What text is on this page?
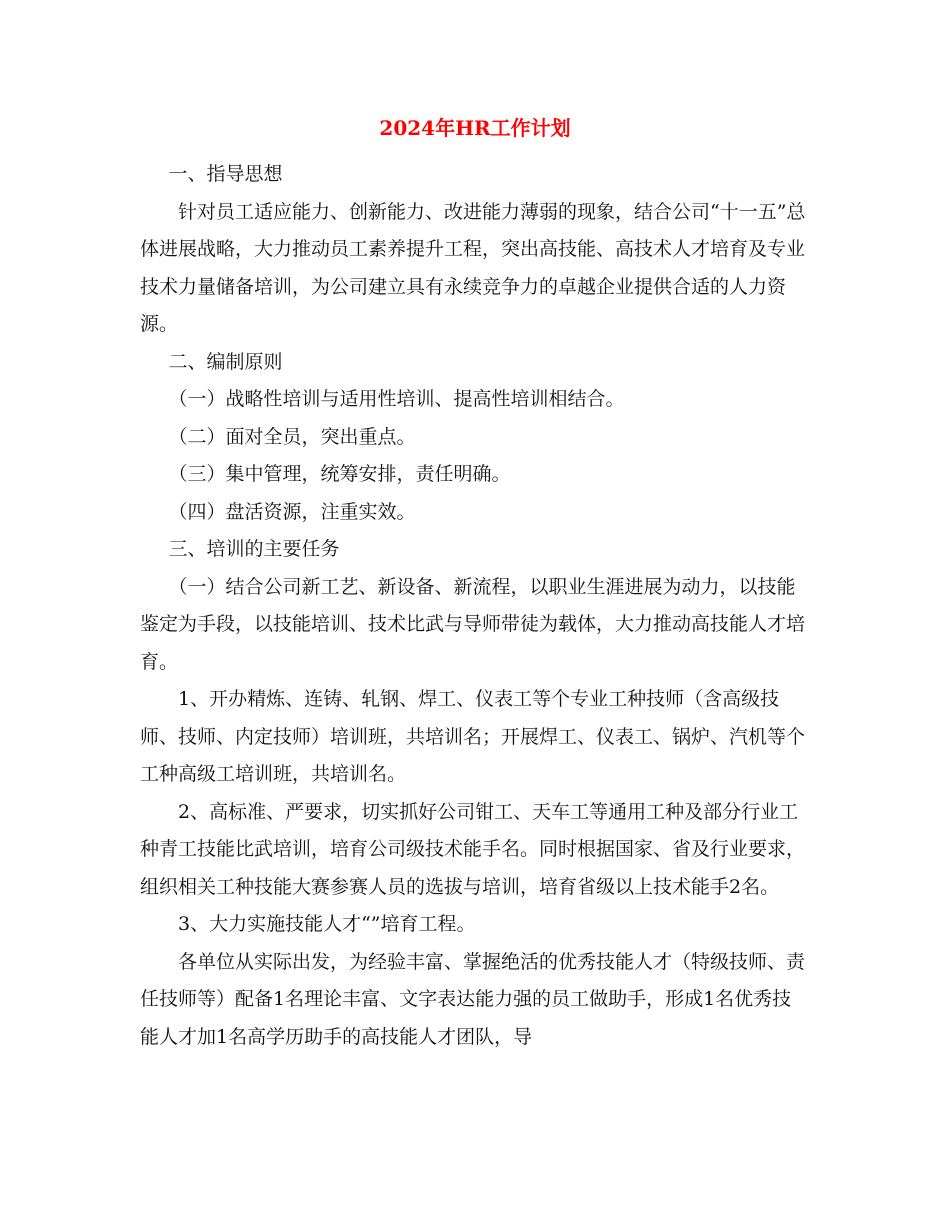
2024年HR工作计划

一、指导思想

针对员工适应能力、创新能力、改进能力薄弱的现象，结合公司“十一五”总体进展战略，大力推动员工素养提升工程，突出高技能、高技术人才培育及专业技术力量储备培训，为公司建立具有永续竞争力的卓越企业提供合适的人力资源。

二、编制原则

（一）战略性培训与适用性培训、提高性培训相结合。

（二）面对全员，突出重点。

（三）集中管理，统筹安排，责任明确。

（四）盘活资源，注重实效。

三、培训的主要任务

（一）结合公司新工艺、新设备、新流程，以职业生涯进展为动力，以技能鉴定为手段，以技能培训、技术比武与导师带徒为载体，大力推动高技能人才培育。

1、开办精炼、连铸、轧钢、焊工、仪表工等个专业工种技师（含高级技师、技师、内定技师）培训班，共培训名；开展焊工、仪表工、锅炉、汽机等个工种高级工培训班，共培训名。

2、高标准、严要求，切实抓好公司钳工、天车工等通用工种及部分行业工种青工技能比武培训，培育公司级技术能手名。同时根据国家、省及行业要求，组织相关工种技能大赛参赛人员的选拔与培训，培育省级以上技术能手2名。

3、大力实施技能人才“”培育工程。

各单位从实际出发，为经验丰富、掌握绝活的优秀技能人才（特级技师、责任技师等）配备1名理论丰富、文字表达能力强的员工做助手，形成1名优秀技能人才加1名高学历助手的高技能人才团队，导
